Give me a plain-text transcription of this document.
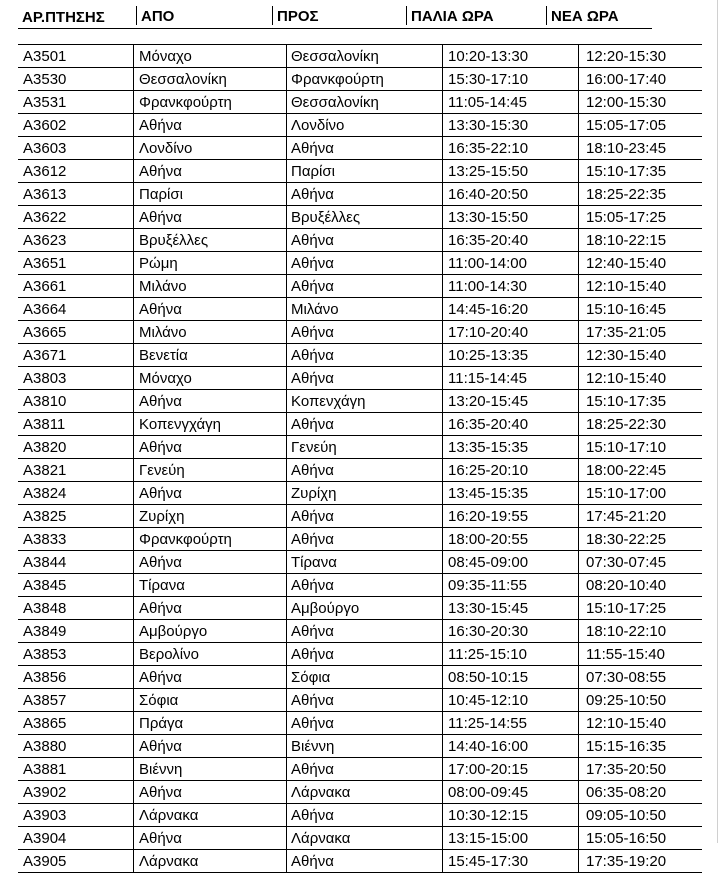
ΑΡ.ΠΤΗΣΗΣ	ΑΠΟ	ΠΡΟΣ	ΠΑΛΙΑ ΩΡΑ	ΝΕΑ ΩΡΑ
A3501	Μόναχο	Θεσσαλονίκη	10:20-13:30	12:20-15:30
A3530	Θεσσαλονίκη	Φρανκφούρτη	15:30-17:10	16:00-17:40
A3531	Φρανκφούρτη	Θεσσαλονίκη	11:05-14:45	12:00-15:30
A3602	Αθήνα	Λονδίνο	13:30-15:30	15:05-17:05
A3603	Λονδίνο	Αθήνα	16:35-22:10	18:10-23:45
A3612	Αθήνα	Παρίσι	13:25-15:50	15:10-17:35
A3613	Παρίσι	Αθήνα	16:40-20:50	18:25-22:35
A3622	Αθήνα	Βρυξέλλες	13:30-15:50	15:05-17:25
A3623	Βρυξέλλες	Αθήνα	16:35-20:40	18:10-22:15
A3651	Ρώμη	Αθήνα	11:00-14:00	12:40-15:40
A3661	Μιλάνο	Αθήνα	11:00-14:30	12:10-15:40
A3664	Αθήνα	Μιλάνο	14:45-16:20	15:10-16:45
A3665	Μιλάνο	Αθήνα	17:10-20:40	17:35-21:05
A3671	Βενετία	Αθήνα	10:25-13:35	12:30-15:40
A3803	Μόναχο	Αθήνα	11:15-14:45	12:10-15:40
A3810	Αθήνα	Κοπενχάγη	13:20-15:45	15:10-17:35
A3811	Κοπενγχάγη	Αθήνα	16:35-20:40	18:25-22:30
A3820	Αθήνα	Γενεύη	13:35-15:35	15:10-17:10
A3821	Γενεύη	Αθήνα	16:25-20:10	18:00-22:45
A3824	Αθήνα	Ζυρίχη	13:45-15:35	15:10-17:00
A3825	Ζυρίχη	Αθήνα	16:20-19:55	17:45-21:20
A3833	Φρανκφούρτη	Αθήνα	18:00-20:55	18:30-22:25
A3844	Αθήνα	Τίρανα	08:45-09:00	07:30-07:45
A3845	Τίρανα	Αθήνα	09:35-11:55	08:20-10:40
A3848	Αθήνα	Αμβούργο	13:30-15:45	15:10-17:25
A3849	Αμβούργο	Αθήνα	16:30-20:30	18:10-22:10
A3853	Βερολίνο	Αθήνα	11:25-15:10	11:55-15:40
A3856	Αθήνα	Σόφια	08:50-10:15	07:30-08:55
A3857	Σόφια	Αθήνα	10:45-12:10	09:25-10:50
A3865	Πράγα	Αθήνα	11:25-14:55	12:10-15:40
A3880	Αθήνα	Βιέννη	14:40-16:00	15:15-16:35
A3881	Βιέννη	Αθήνα	17:00-20:15	17:35-20:50
A3902	Αθήνα	Λάρνακα	08:00-09:45	06:35-08:20
A3903	Λάρνακα	Αθήνα	10:30-12:15	09:05-10:50
A3904	Αθήνα	Λάρνακα	13:15-15:00	15:05-16:50
A3905	Λάρνακα	Αθήνα	15:45-17:30	17:35-19:20
